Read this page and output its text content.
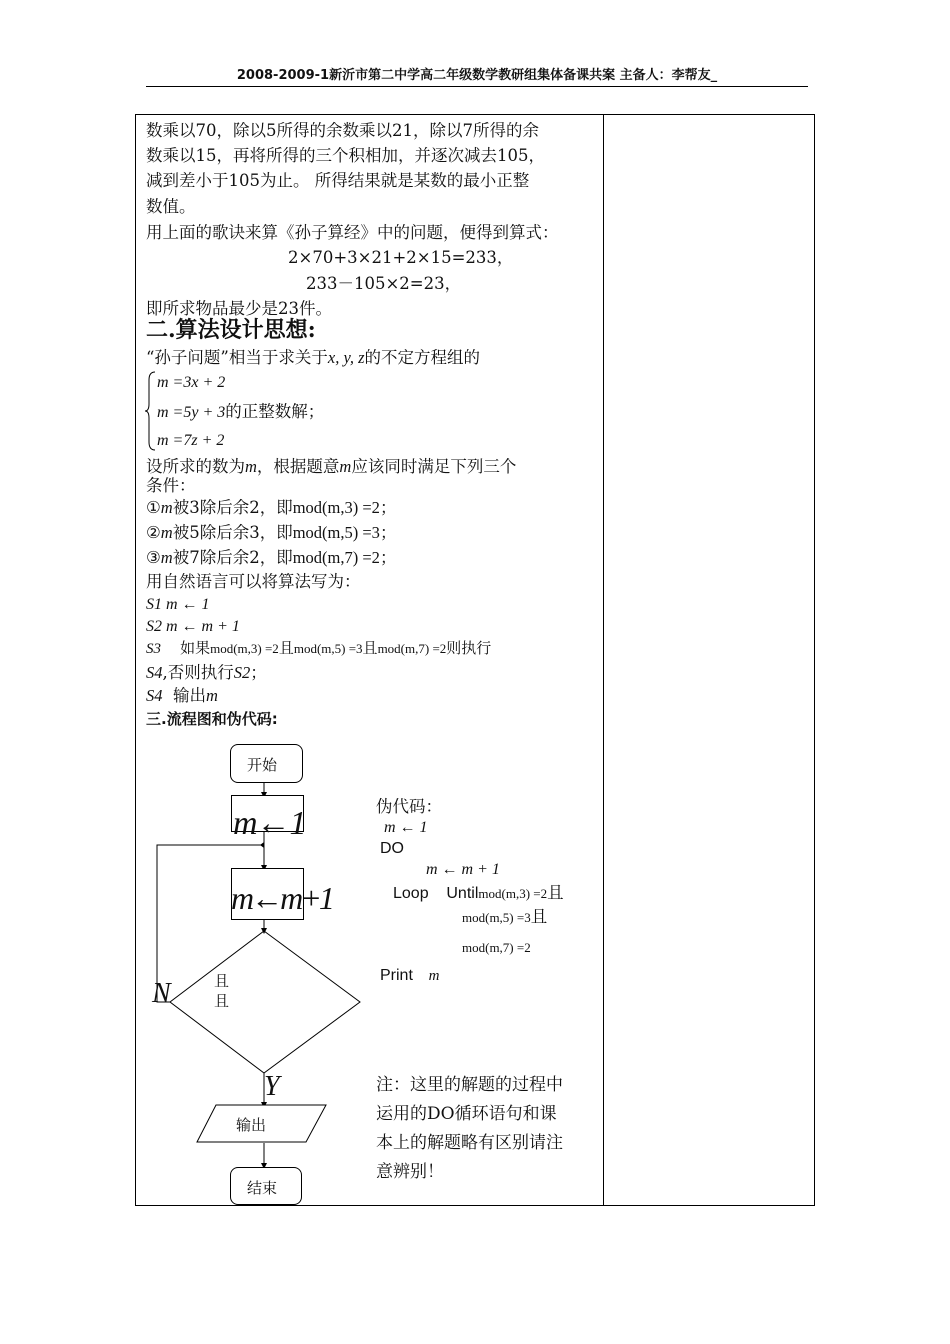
2008-2009-1新沂市第二中学高二年级数学教研组集体备课共案 主备人：李帮友_
数乘以70，除以5所得的余数乘以21，除以7所得的余
数乘以15，再将所得的三个积相加，并逐次减去105，
减到差小于105为止。 所得结果就是某数的最小正整
数值。
用上面的歌诀来算《孙子算经》中的问题，便得到算式：
2×70+3×21+2×15=233，
233－105×2=23，
即所求物品最少是23件。
二.算法设计思想:
“孙子问题”相当于求关于x, y, z的不定方程组的
m =3x + 2
m =5y + 3的正整数解；
m =7z + 2
设所求的数为m，根据题意m应该同时满足下列三个
条件：
①m被3除后余2，即mod(m,3) =2；
②m被5除后余3，即mod(m,5) =3；
③m被7除后余2，即mod(m,7) =2；
用自然语言可以将算法写为：
S1 m ← 1
S2 m ← m + 1
S3 如果mod(m,3) =2且mod(m,5) =3且mod(m,7) =2则执行
S4,否则执行S2；
S4 输出m
三.流程图和伪代码:
开始
m←1
m←m+1
且
且
N
Y
输出
结束
伪代码：
m ← 1
DO
m ← m + 1
Loop    Untilmod(m,3) =2且
mod(m,5) =3且
mod(m,7) =2
Print m
注：这里的解题的过程中
运用的DO循环语句和课
本上的解题略有区别请注
意辨别！
